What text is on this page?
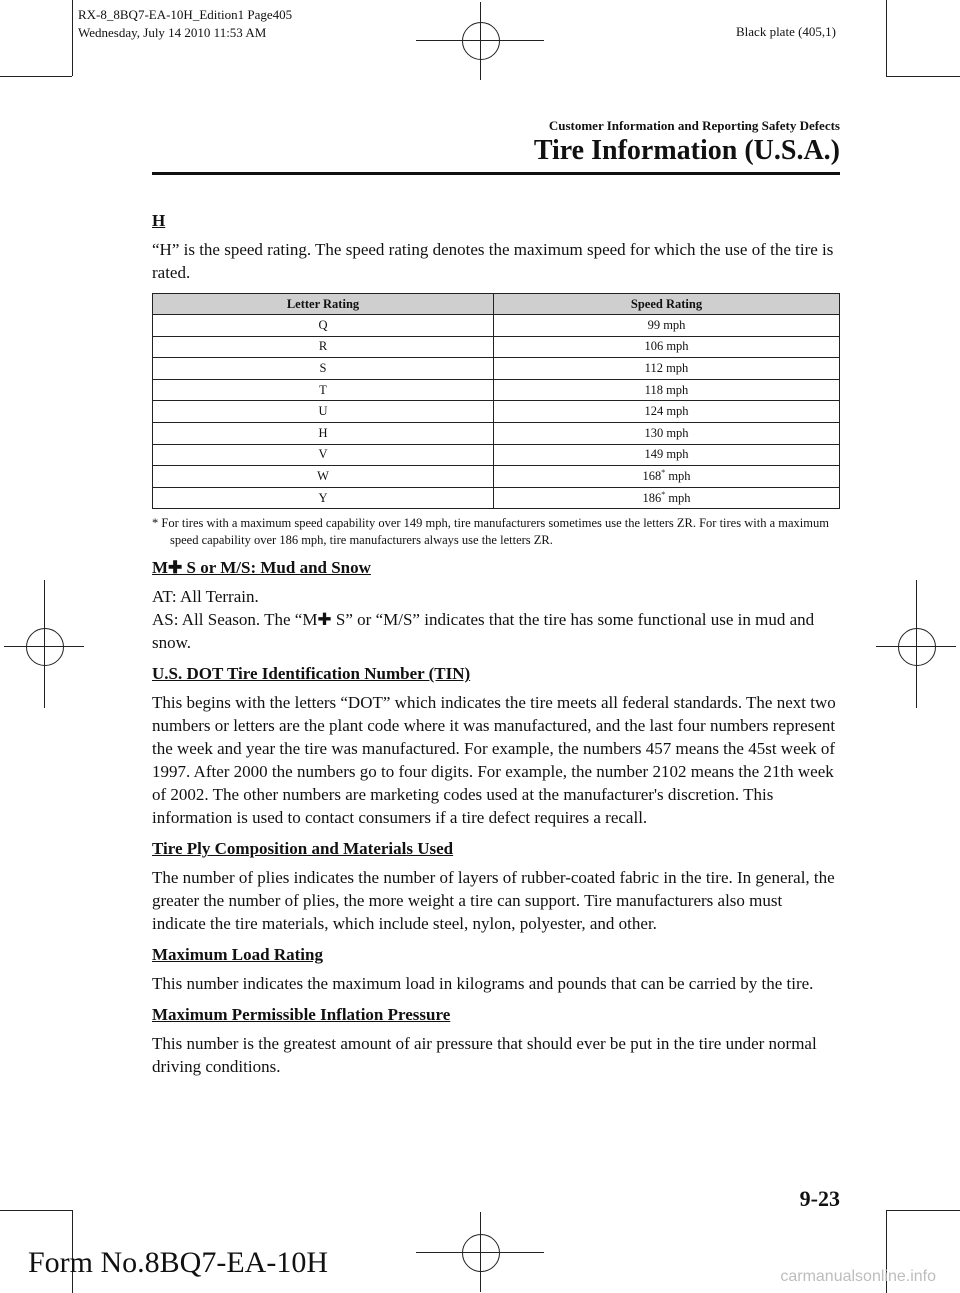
RX-8_8BQ7-EA-10H_Edition1 Page405
Wednesday, July 14 2010 11:53 AM	Black plate (405,1)
Customer Information and Reporting Safety Defects
Tire Information (U.S.A.)

H

“H” is the speed rating. The speed rating denotes the maximum speed for which the use of the tire is rated.

Letter Rating	Speed Rating
Q	99 mph
R	106 mph
S	112 mph
T	118 mph
U	124 mph
H	130 mph
V	149 mph
W	168* mph
Y	186* mph

* For tires with a maximum speed capability over 149 mph, tire manufacturers sometimes use the letters ZR. For tires with a maximum speed capability over 186 mph, tire manufacturers always use the letters ZR.

M✚ S or M/S: Mud and Snow

AT: All Terrain.

AS: All Season. The “M✚ S” or “M/S” indicates that the tire has some functional use in mud and snow.

U.S. DOT Tire Identification Number (TIN)

This begins with the letters “DOT” which indicates the tire meets all federal standards. The next two numbers or letters are the plant code where it was manufactured, and the last four numbers represent the week and year the tire was manufactured. For example, the numbers 457 means the 45st week of 1997. After 2000 the numbers go to four digits. For example, the number 2102 means the 21th week of 2002. The other numbers are marketing codes used at the manufacturer's discretion. This information is used to contact consumers if a tire defect requires a recall.

Tire Ply Composition and Materials Used

The number of plies indicates the number of layers of rubber-coated fabric in the tire. In general, the greater the number of plies, the more weight a tire can support. Tire manufacturers also must indicate the tire materials, which include steel, nylon, polyester, and other.

Maximum Load Rating

This number indicates the maximum load in kilograms and pounds that can be carried by the tire.

Maximum Permissible Inflation Pressure

This number is the greatest amount of air pressure that should ever be put in the tire under normal driving conditions.

9-23
Form No.8BQ7-EA-10H	carmanualsonline.info
